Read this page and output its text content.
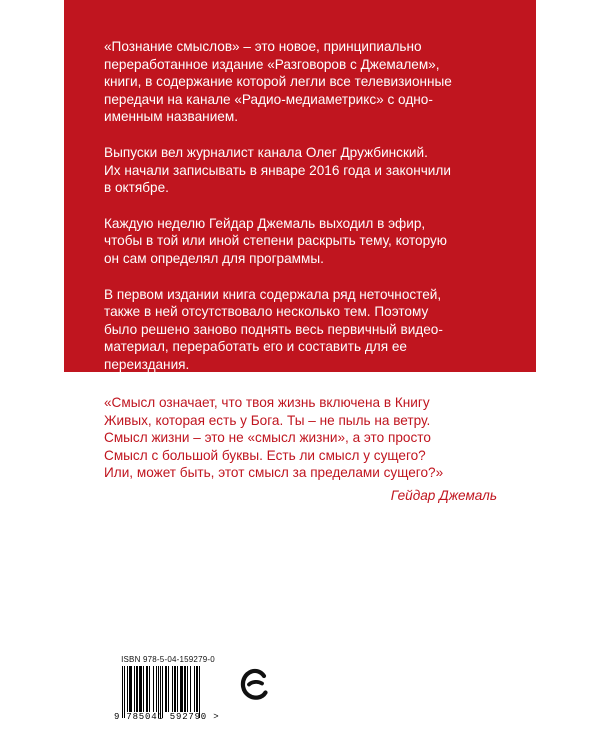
«Познание смыслов» – это новое, принципиально
переработанное издание «Разговоров с Джемалем»,
книги, в содержание которой легли все телевизионные
передачи на канале «Радио-медиаметрикс» с одно-
именным названием.

Выпуски вел журналист канала Олег Дружбинский.
Их начали записывать в январе 2016 года и закончили
в октябре.

Каждую неделю Гейдар Джемаль выходил в эфир,
чтобы в той или иной степени раскрыть тему, которую
он сам определял для программы.

В первом издании книга содержала ряд неточностей,
также в ней отсутствовало несколько тем. Поэтому
было решено заново поднять весь первичный видео-
материал, переработать его и составить для ее
переиздания.

«Смысл означает, что твоя жизнь включена в Книгу
Живых, которая есть у Бога. Ты – не пыль на ветру.
Смысл жизни – это не «смысл жизни», а это просто
Смысл с большой буквы. Есть ли смысл у сущего?
Или, может быть, этот смысл за пределами сущего?»

Гейдар Джемаль
ISBN 978-5-04-159279-0
9 785041 592790 >
